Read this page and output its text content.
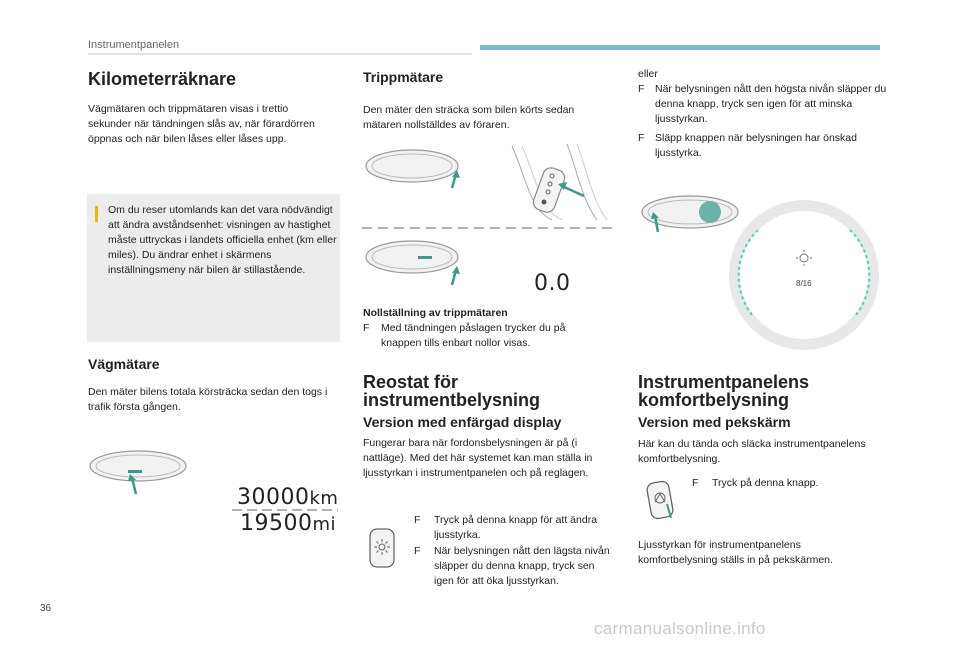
Instrumentpanelen
Kilometerräknare

Vägmätaren och trippmätaren visas i trettio sekunder när tändningen slås av, när förardörren öppnas och när bilen låses eller låses upp.

Om du reser utomlands kan det vara nödvändigt att ändra avståndsenhet: visningen av hastighet måste uttryckas i landets officiella enhet (km eller miles). Du ändrar enhet i skärmens inställningsmeny när bilen är stillastående.
Vägmätare

Den mäter bilens totala körsträcka sedan den togs i trafik första gången.

30000km
19500mi
Trippmätare

Den mäter den sträcka som bilen körts sedan mätaren nollställdes av föraren.

0.0

Nollställning av trippmätaren

F Med tändningen påslagen trycker du på knappen tills enbart nollor visas.
Reostat för
instrumentbelysning
Version med enfärgad display

Fungerar bara när fordonsbelysningen är på (i nattläge). Med det här systemet kan man ställa in ljusstyrkan i instrumentpanelen och på reglagen.

F Tryck på denna knapp för att ändra ljusstyrka.
F När belysningen nått den lägsta nivån släpper du denna knapp, tryck sen igen för att öka ljusstyrkan.

eller

F När belysningen nått den högsta nivån släpper du denna knapp, tryck sen igen för att minska ljusstyrkan.
F Släpp knappen när belysningen har önskad ljusstyrka.
8/16
Instrumentpanelens
komfortbelysning
Version med pekskärm

Här kan du tända och släcka instrumentpanelens komfortbelysning.

F Tryck på denna knapp.

Ljusstyrkan för instrumentpanelens komfortbelysning ställs in på pekskärmen.

36
carmanualsonline.info
